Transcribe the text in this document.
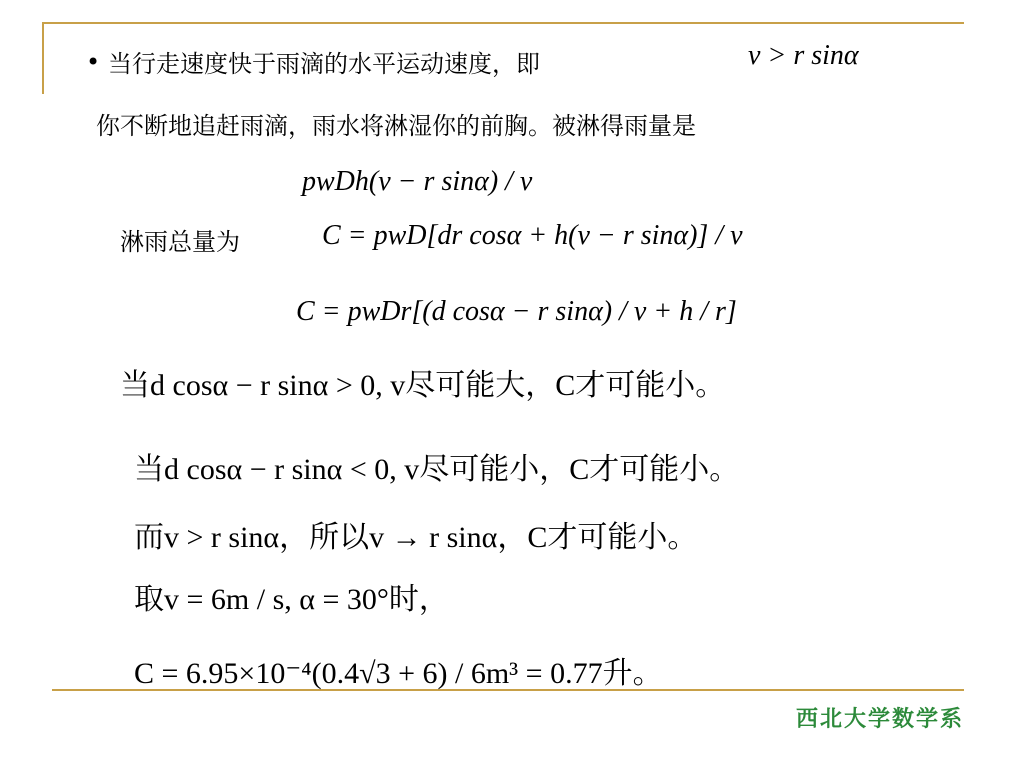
• 当行走速度快于雨滴的水平运动速度，即	v > r sinα
你不断地追赶雨滴，雨水将淋湿你的前胸。被淋得雨量是
pwDh(v − r sinα) / v
淋雨总量为	C = pwD[dr cosα + h(v − r sinα)] / v
C = pwDr[(d cosα − r sinα) / v + h / r]
当d cosα − r sinα > 0, v尽可能大，C才可能小。
当d cosα − r sinα < 0, v尽可能小，C才可能小。
而v > r sinα，所以v → r sinα，C才可能小。
取v = 6m / s, α = 30°时，
C = 6.95×10⁻⁴(0.4√3 + 6) / 6m³ = 0.77升。
西北大学数学系
